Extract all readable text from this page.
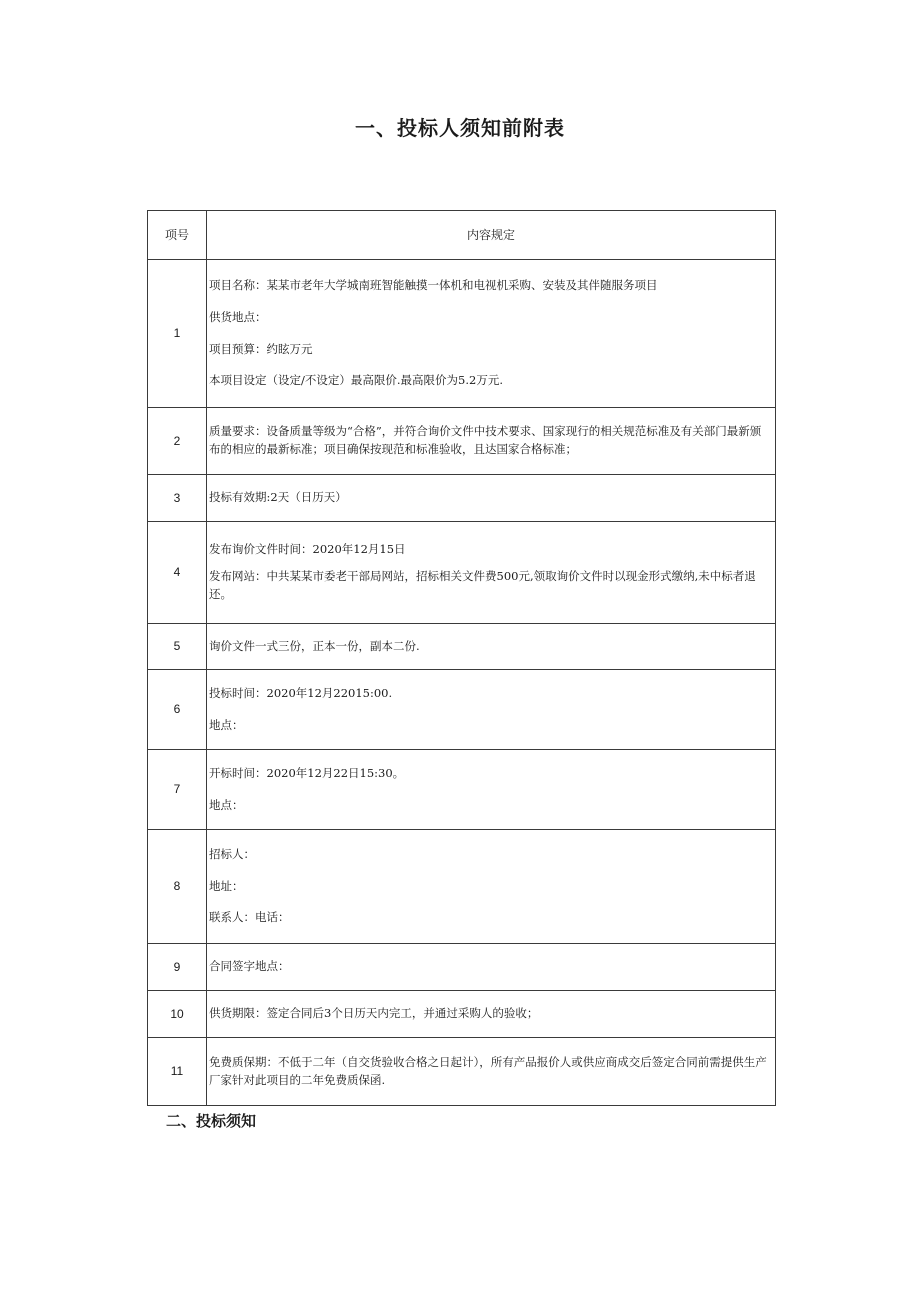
一、投标人须知前附表
项号	内容规定
1	项目名称：某某市老年大学城南班智能触摸一体机和电视机采购、安装及其伴随服务项目
供货地点：
项目预算：约眩万元
本项目设定（设定/不设定）最高限价.最高限价为5.2万元.

2	质量要求：设备质量等级为“合格”，并符合询价文件中技术要求、国家现行的相关规范标准及有关部门最新颁布的相应的最新标准；项目确保按现范和标准验收，且达国家合格标准；

3	投标有效期:2天（日历天）

4	发布询价文件时间：2020年12月15日
发布网站：中共某某市委老干部局网站，招标相关文件费500元,领取询价文件时以现金形式缴纳,未中标者退还。

5	询价文件一式三份，正本一份，副本二份.

6	投标时间：2020年12月22015:00.
地点：

7	开标时间：2020年12月22日15:30。
地点：

8	招标人：
地址：
联系人：电话：

9	合同签字地点：

10	供货期限：签定合同后3个日历天内完工，并通过采购人的验收；

11	免费质保期：不低于二年（自交货验收合格之日起计），所有产品报价人或供应商成交后签定合同前需提供生产厂家针对此项目的二年免费质保函.
二、投标须知
